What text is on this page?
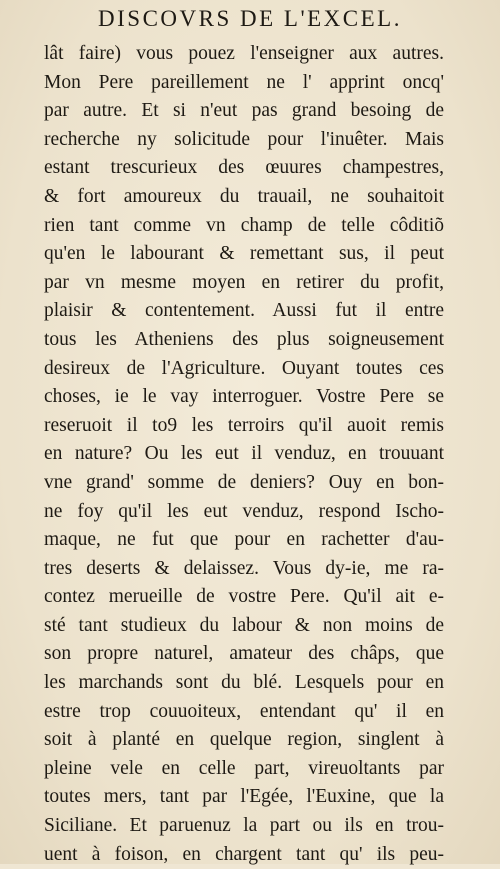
DISCOVRS DE L'EXCEL.
lât faire) vous pouez l'enseigner aux autres.
Mon Pere pareillement ne l' apprint oncq'
par autre. Et si n'eut pas grand besoing de
recherche ny solicitude pour l'inuêter. Mais
estant trescurieux des œuures champestres,
& fort amoureux du trauail, ne souhaitoit
rien tant comme vn champ de telle côditiõ
qu'en le labourant & remettant sus, il peut
par vn mesme moyen en retirer du profit,
plaisir & contentement. Aussi fut il entre
tous les Atheniens des plus soigneusement
desireux de l'Agriculture. Ouyant toutes ces
choses, ie le vay interroguer. Vostre Pere se
reseruoit il to9 les terroirs qu'il auoit remis
en nature? Ou les eut il venduz, en trouuant
vne grand' somme de deniers? Ouy en bon-
ne foy qu'il les eut venduz, respond Ischo-
maque, ne fut que pour en rachetter d'au-
tres deserts & delaissez. Vous dy-ie, me ra-
contez merueille de vostre Pere. Qu'il ait e-
sté tant studieux du labour & non moins de
son propre naturel, amateur des châps, que
les marchands sont du blé. Lesquels pour en
estre trop couuoiteux, entendant qu' il en
soit à planté en quelque region, singlent à
pleine vele en celle part, vireuoltants par
toutes mers, tant par l'Egée, l'Euxine, que la
Siciliane. Et paruenuz la part ou ils en trou-
uent à foison, en chargent tant qu' ils peu-
